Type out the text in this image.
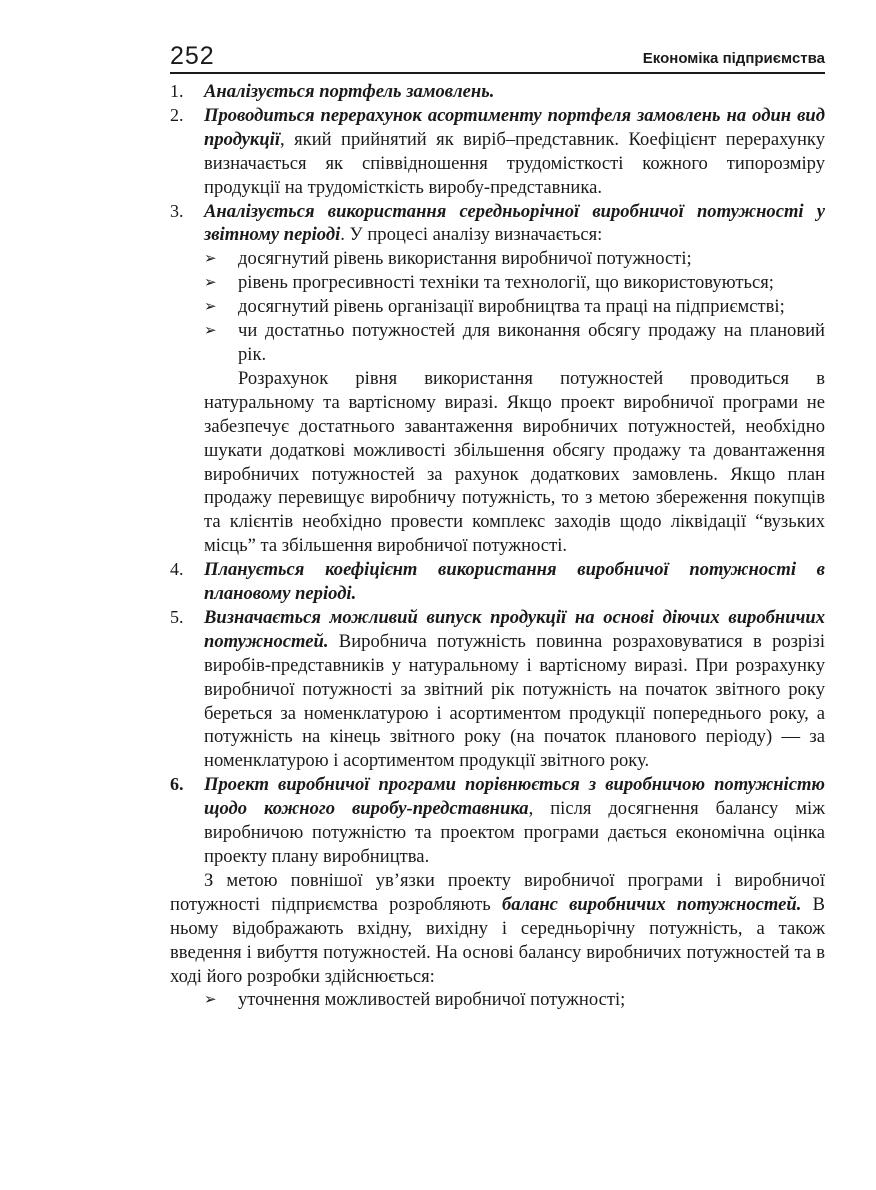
252	Економіка підприємства
1.	Аналізується портфель замовлень.
2.	Проводиться перерахунок асортименту портфеля замовлень на один вид продукції, який прийнятий як виріб–представник. Коефіцієнт перерахунку визначається як співвідношення трудомісткості кожного типорозміру продукції на трудомісткість виробу-представника.
3.	Аналізується використання середньорічної виробничої потужності у звітному періоді. У процесі аналізу визначається:
➢	досягнутий рівень використання виробничої потужності;
➢	рівень прогресивності техніки та технології, що використовуються;
➢	досягнутий рівень організації виробництва та праці на підприємстві;
➢	чи достатньо потужностей для виконання обсягу продажу на плановий рік.

Розрахунок рівня використання потужностей проводиться в натуральному та вартісному виразі. Якщо проект виробничої програми не забезпечує достатнього завантаження виробничих потужностей, необхідно шукати додаткові можливості збільшення обсягу продажу та довантаження виробничих потужностей за рахунок додаткових замовлень. Якщо план продажу перевищує виробничу потужність, то з метою збереження покупців та клієнтів необхідно провести комплекс заходів щодо ліквідації “вузьких місць” та збільшення виробничої потужності.

4.	Планується коефіцієнт використання виробничої потужності в плановому періоді.
5.	Визначається можливий випуск продукції на основі діючих виробничих потужностей. Виробнича потужність повинна розраховуватися в розрізі виробів-представників у натуральному і вартісному виразі. При розрахунку виробничої потужності за звітний рік потужність на початок звітного року береться за номенклатурою і асортиментом продукції попереднього року, а потужність на кінець звітного року (на початок планового періоду) — за номенклатурою і асортиментом продукції звітного року.
6.	Проект виробничої програми порівнюється з виробничою потужністю щодо кожного виробу-представника, після досягнення балансу між виробничою потужністю та проектом програми дається економічна оцінка проекту плану виробництва.

З метою повнішої ув’язки проекту виробничої програми і виробничої потужності підприємства розробляють баланс виробничих потужностей. В ньому відображають вхідну, вихідну і середньорічну потужність, а також введення і вибуття потужностей. На основі балансу виробничих потужностей та в ході його розробки здійснюється:

➢	уточнення можливостей виробничої потужності;
